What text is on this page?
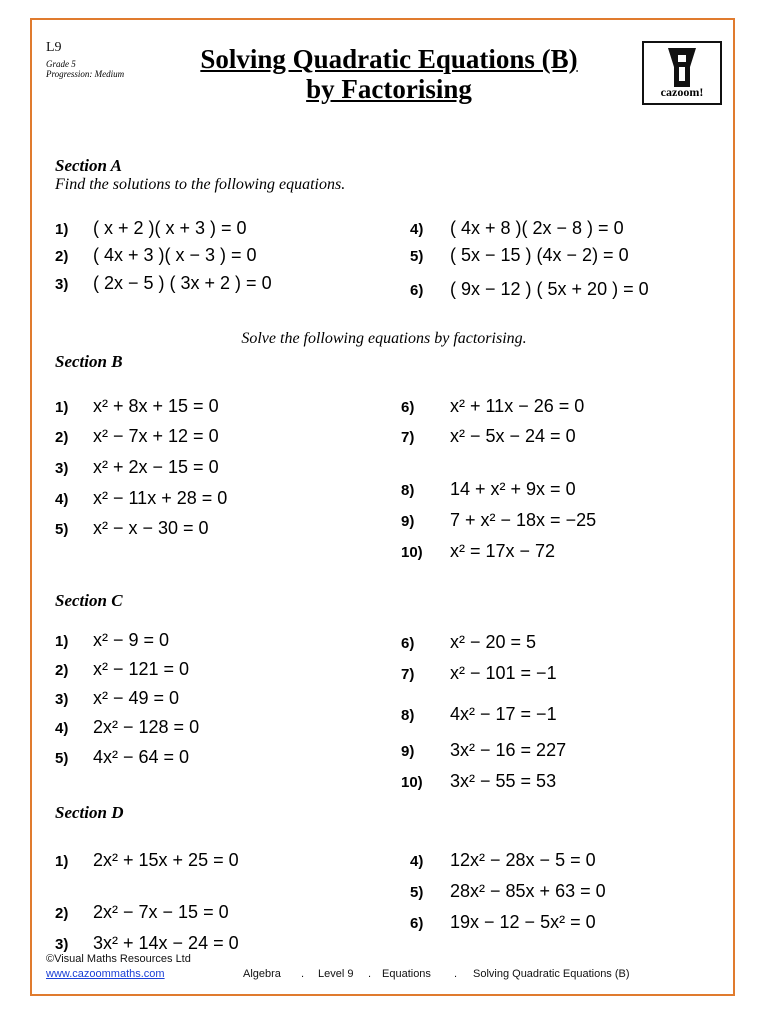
L9
Grade 5
Progression: Medium	Solving Quadratic Equations (B)
by Factorising	cazoom!
Section A
Find the solutions to the following equations.
Solve the following equations by factorising.
Section B
Section C
Section D
1) ( x + 2 )( x + 3 ) = 0
2) ( 4x + 3 )( x − 3 ) = 0
3) ( 2x − 5 ) ( 3x + 2 ) = 0
4) ( 4x + 8 )( 2x − 8 ) = 0
5) ( 5x − 15 ) (4x − 2) = 0
6) ( 9x − 12 ) ( 5x + 20 ) = 0
1) x² + 8x + 15 = 0
2) x² − 7x + 12 = 0
3) x² + 2x − 15 = 0
4) x² − 11x + 28 = 0
5) x² − x − 30 = 0
6) x² + 11x − 26 = 0
7) x² − 5x − 24 = 0
8) 14 + x² + 9x = 0
9) 7 + x² − 18x = −25
10) x² = 17x − 72
1) x² − 9 = 0
2) x² − 121 = 0
3) x² − 49 = 0
4) 2x² − 128 = 0
5) 4x² − 64 = 0
6) x² − 20 = 5
7) x² − 101 = −1
8) 4x² − 17 = −1
9) 3x² − 16 = 227
10) 3x² − 55 = 53
1) 2x² + 15x + 25 = 0
2) 2x² − 7x − 15 = 0
3) 3x² + 14x − 24 = 0
4) 12x² − 28x − 5 = 0
5) 28x² − 85x + 63 = 0
6) 19x − 12 − 5x² = 0
©Visual Maths Resources Ltd
www.cazoommaths.com	Algebra . Level 9 . Equations . Solving Quadratic Equations (B)
